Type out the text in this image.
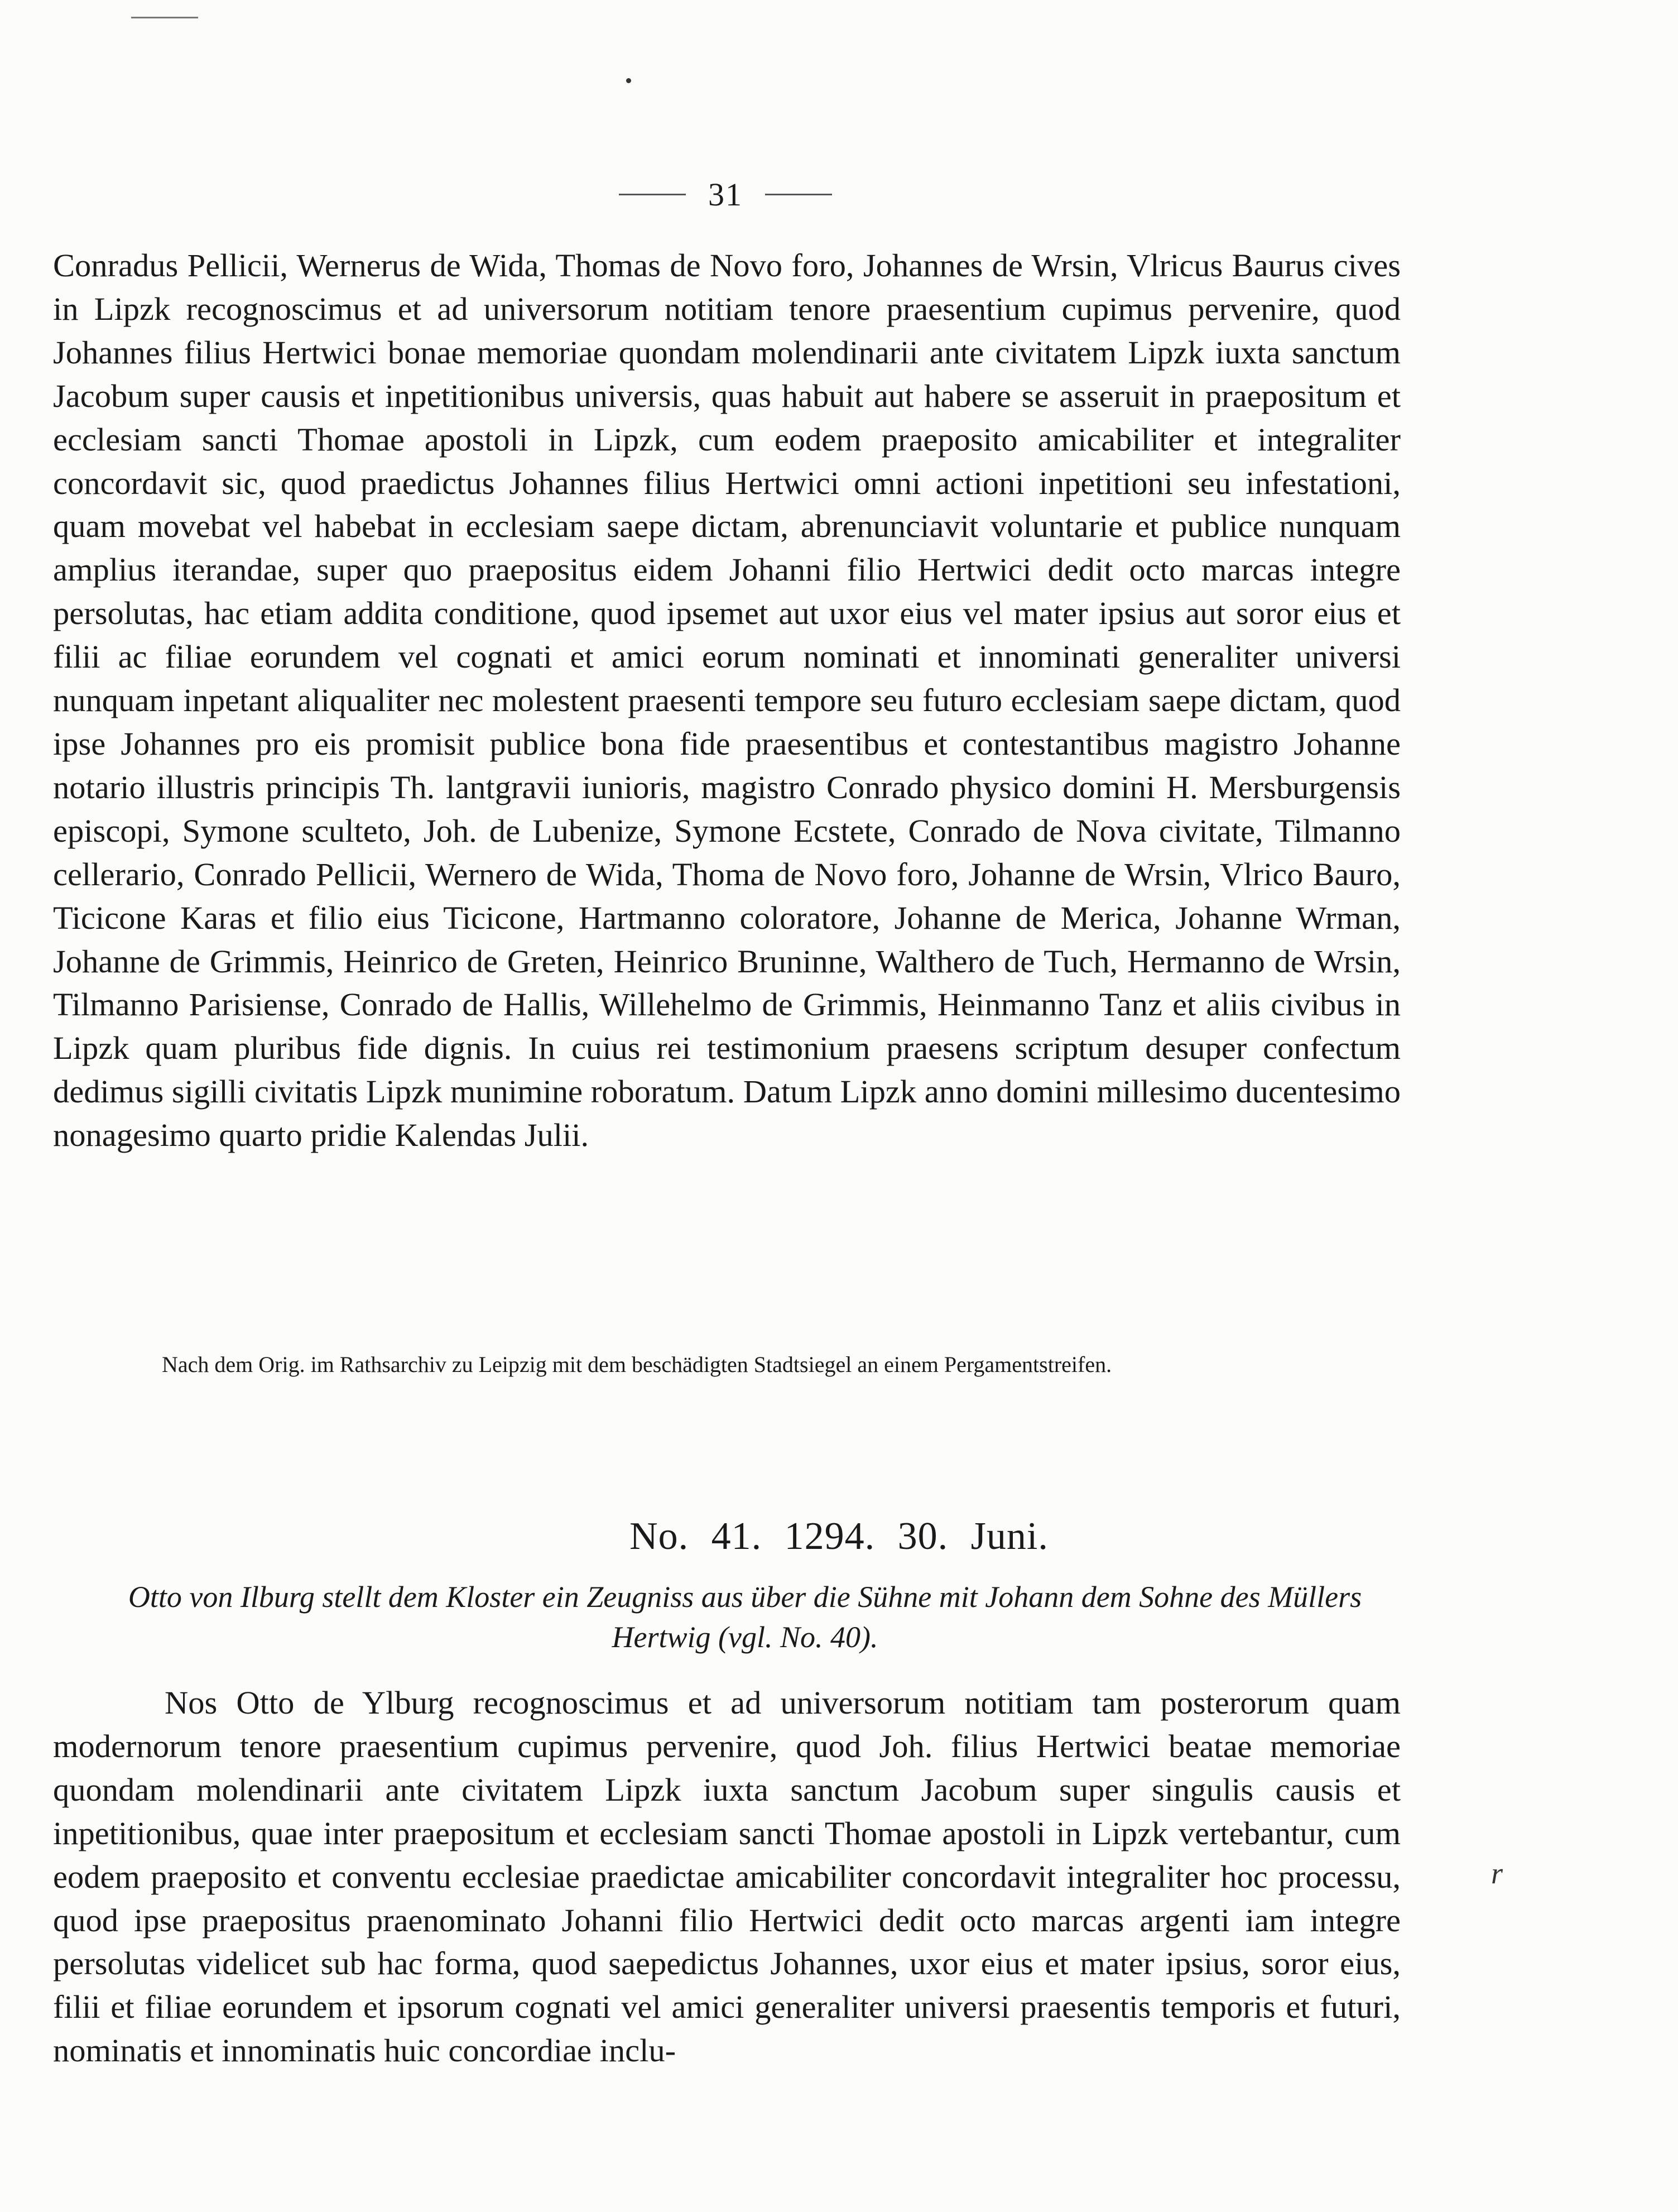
31

Conradus Pellicii, Wernerus de Wida, Thomas de Novo foro, Johannes de Wrsin, Vlricus Baurus cives in Lipzk recognoscimus et ad universorum notitiam tenore praesentium cupimus pervenire, quod Johannes filius Hertwici bonae memoriae quondam molendinarii ante civitatem Lipzk iuxta sanctum Jacobum super causis et inpetitionibus universis, quas habuit aut habere se asseruit in praepositum et ecclesiam sancti Thomae apostoli in Lipzk, cum eodem praeposito amicabiliter et integraliter concordavit sic, quod praedictus Johannes filius Hertwici omni actioni inpetitioni seu infestationi, quam movebat vel habebat in ecclesiam saepe dictam, abrenunciavit voluntarie et publice nunquam amplius iterandae, super quo praepositus eidem Johanni filio Hertwici dedit octo marcas integre persolutas, hac etiam addita conditione, quod ipsemet aut uxor eius vel mater ipsius aut soror eius et filii ac filiae eorundem vel cognati et amici eorum nominati et innominati generaliter universi nunquam inpetant aliqualiter nec molestent praesenti tempore seu futuro ecclesiam saepe dictam, quod ipse Johannes pro eis promisit publice bona fide praesentibus et contestantibus magistro Johanne notario illustris principis Th. lantgravii iunioris, magistro Conrado physico domini H. Mersburgensis episcopi, Symone sculteto, Joh. de Lubenize, Symone Ecstete, Conrado de Nova civitate, Tilmanno cellerario, Conrado Pellicii, Wernero de Wida, Thoma de Novo foro, Johanne de Wrsin, Vlrico Bauro, Ticicone Karas et filio eius Ticicone, Hartmanno coloratore, Johanne de Merica, Johanne Wrman, Johanne de Grimmis, Heinrico de Greten, Heinrico Bruninne, Walthero de Tuch, Hermanno de Wrsin, Tilmanno Parisiense, Conrado de Hallis, Willehelmo de Grimmis, Heinmanno Tanz et aliis civibus in Lipzk quam pluribus fide dignis. In cuius rei testimonium praesens scriptum desuper confectum dedimus sigilli civitatis Lipzk munimine roboratum. Datum Lipzk anno domini millesimo ducentesimo nonagesimo quarto pridie Kalendas Julii.

Nach dem Orig. im Rathsarchiv zu Leipzig mit dem beschädigten Stadtsiegel an einem Pergamentstreifen.

No. 41. 1294. 30. Juni.

Otto von Ilburg stellt dem Kloster ein Zeugniss aus über die Sühne mit Johann dem Sohne des Müllers Hertwig (vgl. No. 40).

Nos Otto de Ylburg recognoscimus et ad universorum notitiam tam posterorum quam modernorum tenore praesentium cupimus pervenire, quod Joh. filius Hertwici beatae memoriae quondam molendinarii ante civitatem Lipzk iuxta sanctum Jacobum super singulis causis et inpetitionibus, quae inter praepositum et ecclesiam sancti Thomae apostoli in Lipzk vertebantur, cum eodem praeposito et conventu ecclesiae praedictae amicabiliter concordavit integraliter hoc processu, quod ipse praepositus praenominato Johanni filio Hertwici dedit octo marcas argenti iam integre persolutas videlicet sub hac forma, quod saepedictus Johannes, uxor eius et mater ipsius, soror eius, filii et filiae eorundem et ipsorum cognati vel amici generaliter universi praesentis temporis et futuri, nominatis et innominatis huic concordiae inclu-

r
